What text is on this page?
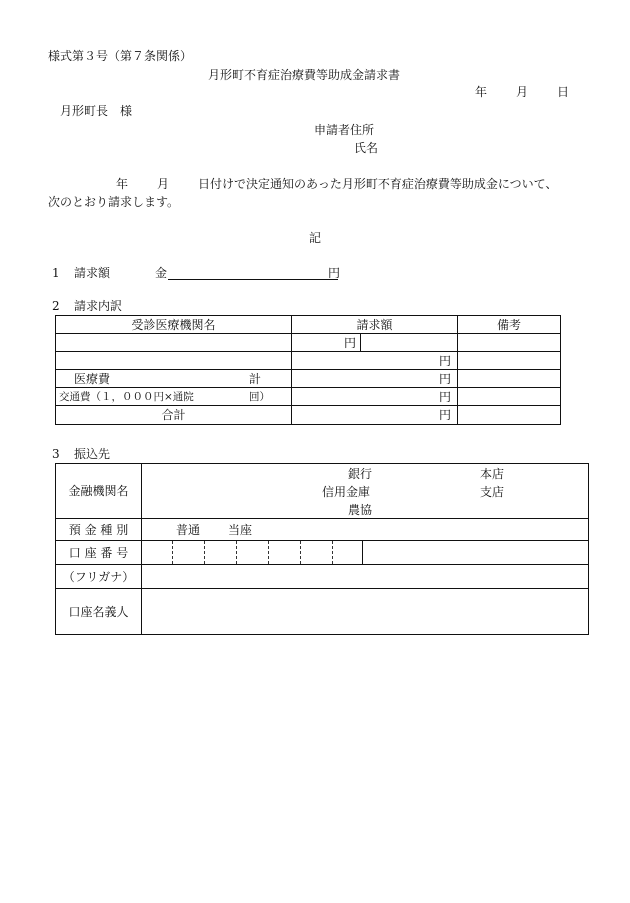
様式第３号（第７条関係）
月形町不育症治療費等助成金請求書
年 月 日
月形町長　様
申請者住所
氏名
年 月 日付けで決定通知のあった月形町不育症治療費等助成金について、
次のとおり請求します。
記
1 請求額	金	円
2 請求内訳
受診医療機関名	請求額	備考

	円	

	円	

医療費 計	円	

交通費（１，０００円×通院 回）	円	
合計	円	
3 振込先
金融機関名	銀行
信用金庫
農協
本店
支店

預 金 種 別	普通 当座

口 座 番 号	

（フリガナ）	
口座名義人	
